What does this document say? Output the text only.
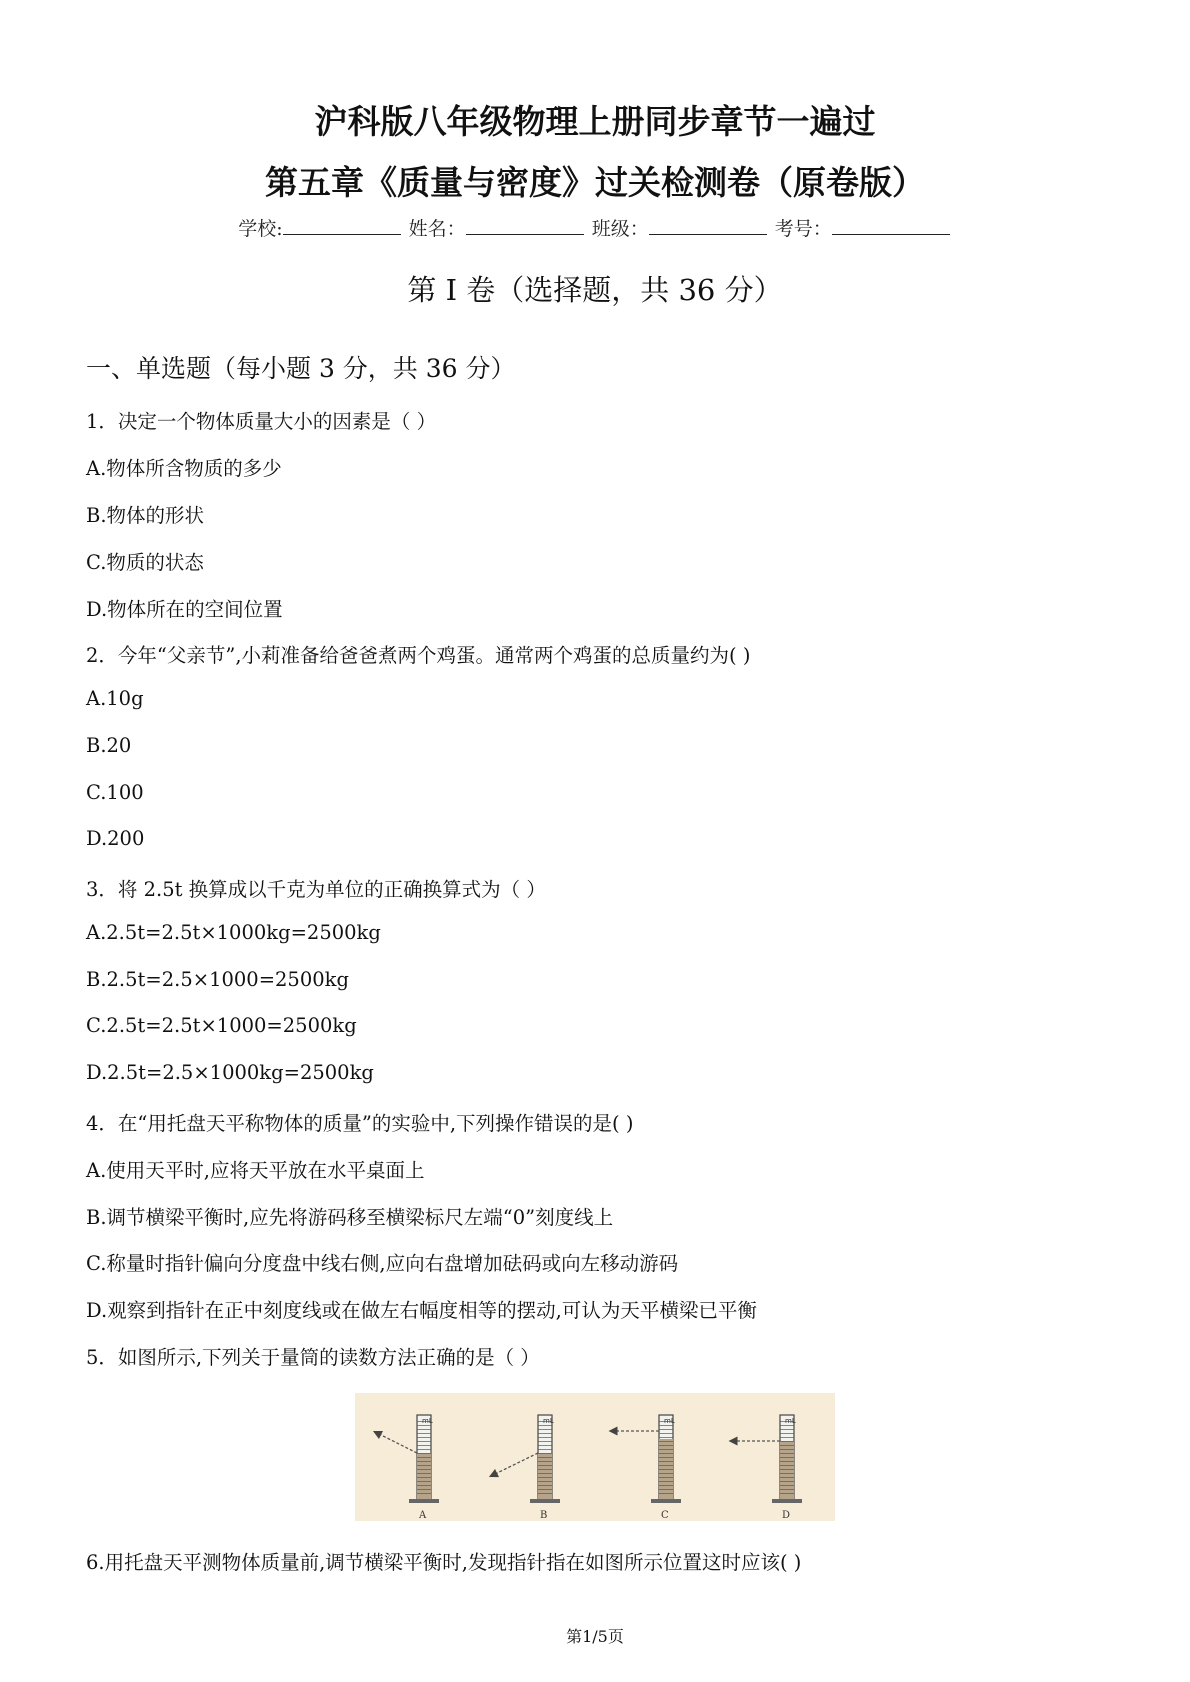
沪科版八年级物理上册同步章节一遍过
第五章《质量与密度》过关检测卷（原卷版）
学校:	姓名：	班级：	考号：
第 I 卷（选择题，共 36 分）
一、单选题（每小题 3 分，共 36 分）
1．决定一个物体质量大小的因素是（ ）
A.物体所含物质的多少
B.物体的形状
C.物质的状态
D.物体所在的空间位置
2．今年“父亲节”,小莉准备给爸爸煮两个鸡蛋。通常两个鸡蛋的总质量约为( )
A.10g
B.20
C.100
D.200
3．将 2.5t 换算成以千克为单位的正确换算式为（ ）
A.2.5t=2.5t×1000kg=2500kg
B.2.5t=2.5×1000=2500kg
C.2.5t=2.5t×1000=2500kg
D.2.5t=2.5×1000kg=2500kg
4．在“用托盘天平称物体的质量”的实验中,下列操作错误的是( )
A.使用天平时,应将天平放在水平桌面上
B.调节横梁平衡时,应先将游码移至横梁标尺左端“0”刻度线上
C.称量时指针偏向分度盘中线右侧,应向右盘增加砝码或向左移动游码
D.观察到指针在正中刻度线或在做左右幅度相等的摆动,可认为天平横梁已平衡
5．如图所示,下列关于量筒的读数方法正确的是（ ）
mL
A
mL
B
mL
C
mL
D
6.用托盘天平测物体质量前,调节横梁平衡时,发现指针指在如图所示位置这时应该( )
第1/5页
